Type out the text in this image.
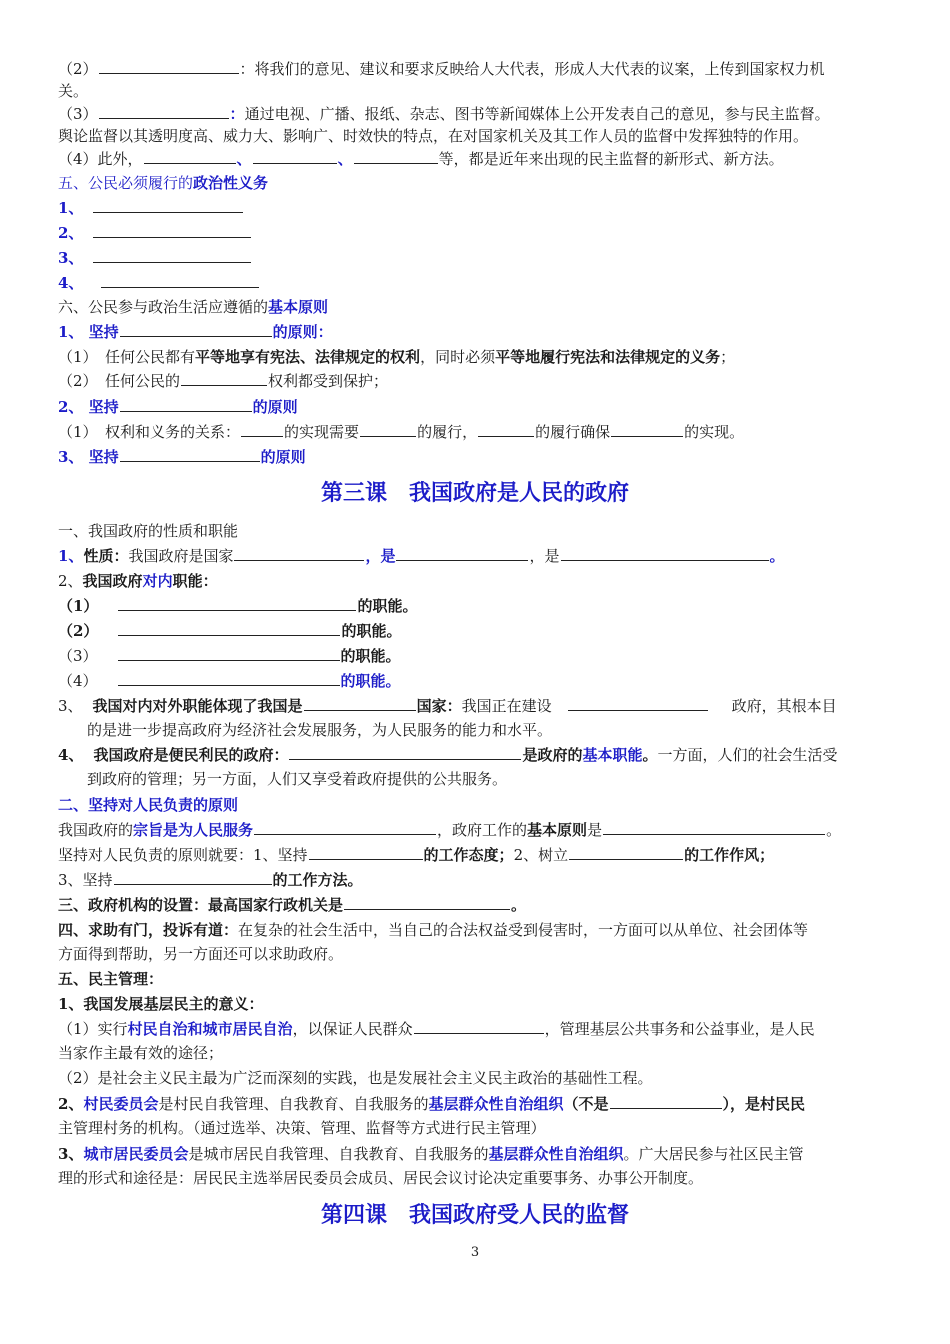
（2）	：将我们的意见、建议和要求反映给人大代表，形成人大代表的议案，上传到国家权力机
关。
（3）	：通过电视、广播、报纸、杂志、图书等新闻媒体上公开发表自己的意见，参与民主监督。
舆论监督以其透明度高、威力大、影响广、时效快的特点，在对国家机关及其工作人员的监督中发挥独特的作用。
（4）此外，	、	、	等，都是近年来出现的民主监督的新形式、新方法。
五、公民必须履行的政治性义务
1、
2、
3、
4、
六、公民参与政治生活应遵循的基本原则
1、 坚持	的原则：
（1）　任何公民都有平等地享有宪法、法律规定的权利，同时必须平等地履行宪法和法律规定的义务；
（2）　任何公民的	权利都受到保护；
2、 坚持	的原则
（1）　权利和义务的关系：	的实现需要	的履行，	的履行确保	的实现。
3、 坚持	的原则
第三课　我国政府是人民的政府
一、我国政府的性质和职能
1、性质：我国政府是国家	，是	，是	。
2、我国政府对内职能：
（1）	的职能。
（2）	的职能。
（3）	的职能。
（4）	的职能。
3、 我国对内对外职能体现了我国是	国家：我国正在建设	政府，其根本目
的是进一步提高政府为经济社会发展服务，为人民服务的能力和水平。
4、 我国政府是便民利民的政府：	是政府的基本职能。一方面，人们的社会生活受
到政府的管理；另一方面，人们又享受着政府提供的公共服务。
二、坚持对人民负责的原则
我国政府的宗旨是为人民服务	，政府工作的基本原则是	。
坚持对人民负责的原则就要：1、坚持	的工作态度；2、树立	的工作作风；
3、坚持	的工作方法。
三、政府机构的设置：最高国家行政机关是	。
四、求助有门，投诉有道：在复杂的社会生活中，当自己的合法权益受到侵害时，一方面可以从单位、社会团体等
方面得到帮助，另一方面还可以求助政府。
五、民主管理：
1、我国发展基层民主的意义：
（1）实行村民自治和城市居民自治，以保证人民群众	，管理基层公共事务和公益事业，是人民
当家作主最有效的途径；
（2）是社会主义民主最为广泛而深刻的实践，也是发展社会主义民主政治的基础性工程。
2、村民委员会是村民自我管理、自我教育、自我服务的基层群众性自治组织（不是	），是村民民
主管理村务的机构。（通过选举、决策、管理、监督等方式进行民主管理）
3、城市居民委员会是城市居民自我管理、自我教育、自我服务的基层群众性自治组织。广大居民参与社区民主管
理的形式和途径是：居民民主选举居民委员会成员、居民会议讨论决定重要事务、办事公开制度。
第四课　我国政府受人民的监督
3
